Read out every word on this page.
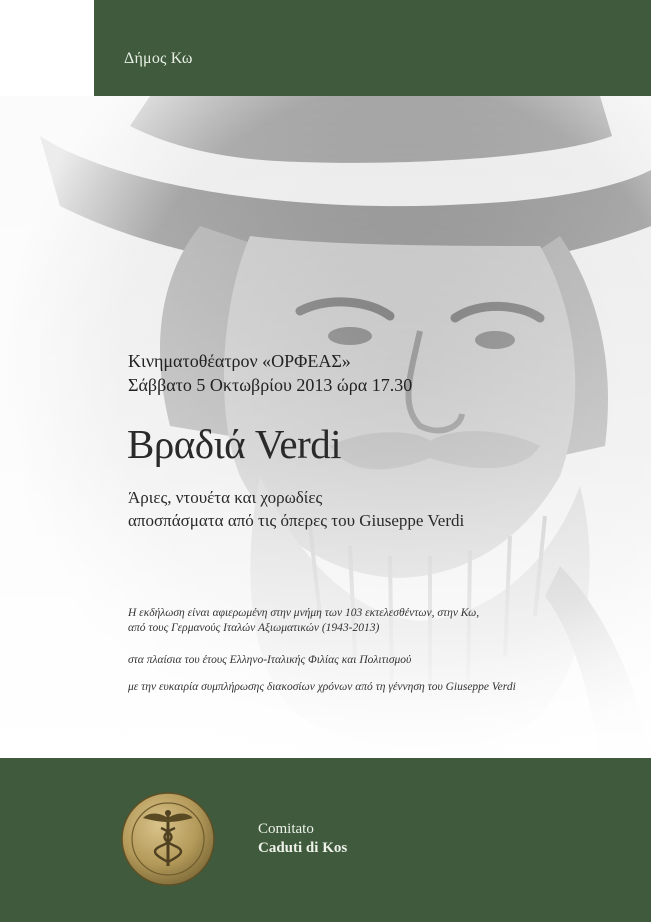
Δήμος Κω
Κινηματοθέατρον «ΟΡΦΕΑΣ»
Σάββατο 5 Οκτωβρίου 2013 ώρα 17.30
Βραδιά Verdi
Άριες, ντουέτα και χορωδίες
αποσπάσματα από τις όπερες του Giuseppe Verdi
Η εκδήλωση είναι αφιερωμένη στην μνήμη των 103 εκτελεσθέντων, στην Κω,
από τους Γερμανούς Ιταλών Αξιωματικών (1943-2013)
στα πλαίσια του έτους Ελληνο-Ιταλικής Φιλίας και Πολιτισμού
με την ευκαιρία συμπλήρωσης διακοσίων χρόνων από τη γέννηση του Giuseppe Verdi
Comitato
Caduti di Kos
